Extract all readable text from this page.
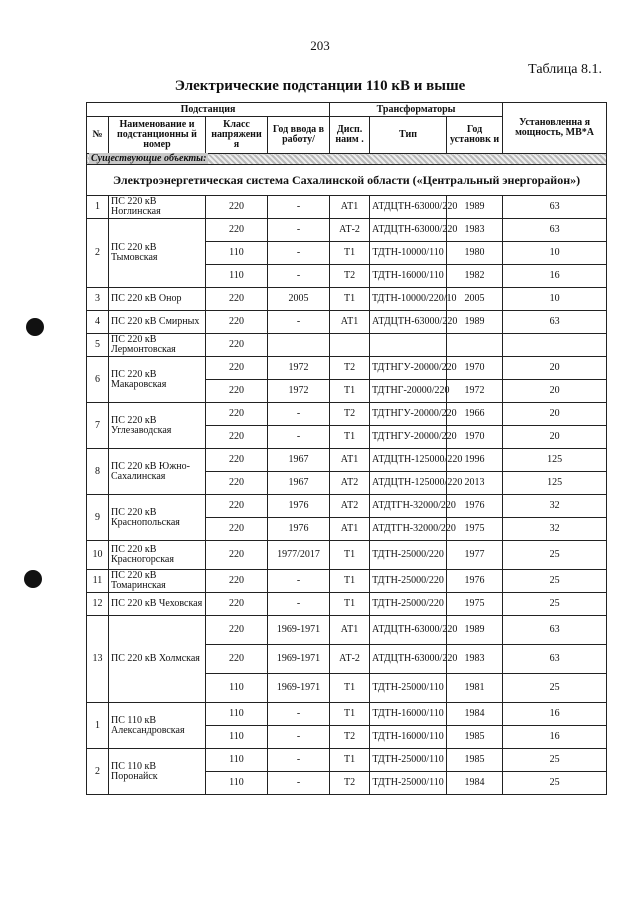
203
Таблица 8.1.
Электрические подстанции 110 кВ и выше
Подстанция				Трансформаторы			Установленна я мощность, МВ*А
№	Наименование и подстанционны й номер	Класс напряжени я	Год ввода в работу/	Дисп. наим .	Тип	Год установк и	
Существующие объекты:							
Электроэнергетическая система Сахалинской области («Центральный энергорайон»)							
1	ПС 220 кВ Ноглинская	220	-	АТ1	АТДЦТН-63000/220	1989	63
2	ПС 220 кВ Тымовская	220	-	АТ-2	АТДЦТН-63000/220	1983	63
		110	-	Т1	ТДТН-10000/110	1980	10
		110	-	Т2	ТДТН-16000/110	1982	16
3	ПС 220 кВ Онор	220	2005	Т1	ТДТН-10000/220/10	2005	10
4	ПС 220 кВ Смирных	220	-	АТ1	АТДЦТН-63000/220	1989	63
5	ПС 220 кВ Лермонтовская	220					
6	ПС 220 кВ Макаровская	220	1972	Т2	ТДТНГУ-20000/220	1970	20
		220	1972	Т1	ТДТНГ-20000/220	1972	20
7	ПС 220 кВ Углезаводская	220	-	Т2	ТДТНГУ-20000/220	1966	20
		220	-	Т1	ТДТНГУ-20000/220	1970	20
8	ПС 220 кВ Южно-Сахалинская	220	1967	АТ1	АТДЦТН-125000/220	1996	125
		220	1967	АТ2	АТДЦТН-125000/220	2013	125
9	ПС 220 кВ Краснопольская	220	1976	АТ2	АТДТГН-32000/220	1976	32
		220	1976	АТ1	АТДТГН-32000/220	1975	32
10	ПС 220 кВ Красногорская	220	1977/2017	Т1	ТДТН-25000/220	1977	25
11	ПС 220 кВ Томаринская	220	-	Т1	ТДТН-25000/220	1976	25
12	ПС 220 кВ Чеховская	220	-	Т1	ТДТН-25000/220	1975	25
13	ПС 220 кВ Холмская	220	1969-1971	АТ1	АТДЦТН-63000/220	1989	63
		220	1969-1971	АТ-2	АТДЦТН-63000/220	1983	63
		110	1969-1971	Т1	ТДТН-25000/110	1981	25
1	ПС 110 кВ Александровская	110	-	Т1	ТДТН-16000/110	1984	16
		110	-	Т2	ТДТН-16000/110	1985	16
2	ПС 110 кВ Поронайск	110	-	Т1	ТДТН-25000/110	1985	25
		110	-	Т2	ТДТН-25000/110	1984	25
